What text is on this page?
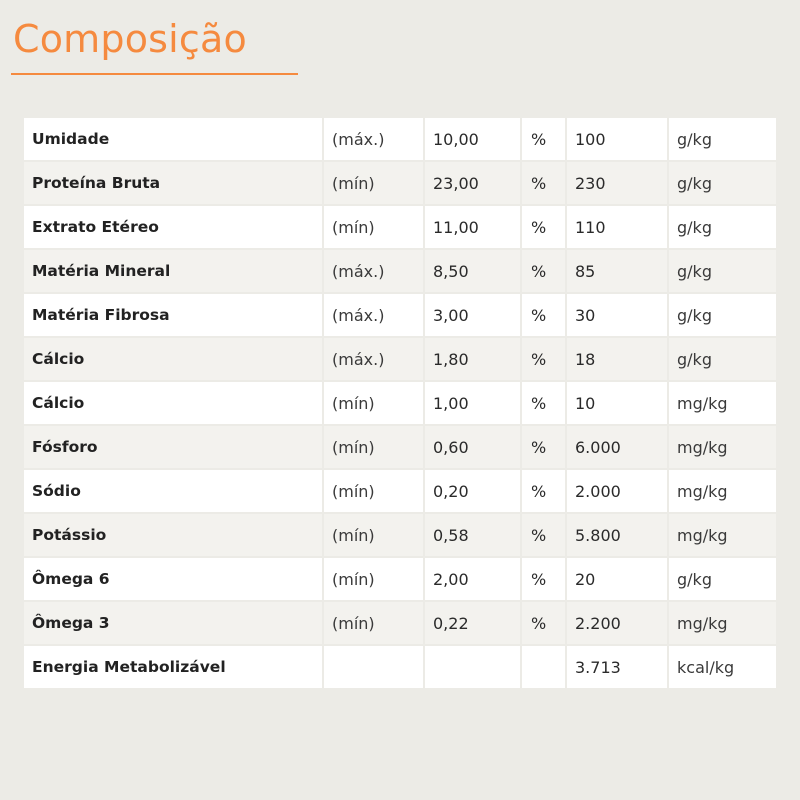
Composição
Umidade	(máx.)	10,00	%	100	g/kg
Proteína Bruta	(mín)	23,00	%	230	g/kg
Extrato Etéreo	(mín)	11,00	%	110	g/kg
Matéria Mineral	(máx.)	8,50	%	85	g/kg
Matéria Fibrosa	(máx.)	3,00	%	30	g/kg
Cálcio	(máx.)	1,80	%	18	g/kg
Cálcio	(mín)	1,00	%	10	mg/kg
Fósforo	(mín)	0,60	%	6.000	mg/kg
Sódio	(mín)	0,20	%	2.000	mg/kg
Potássio	(mín)	0,58	%	5.800	mg/kg
Ômega 6	(mín)	2,00	%	20	g/kg
Ômega 3	(mín)	0,22	%	2.200	mg/kg
Energia Metabolizável				3.713	kcal/kg
